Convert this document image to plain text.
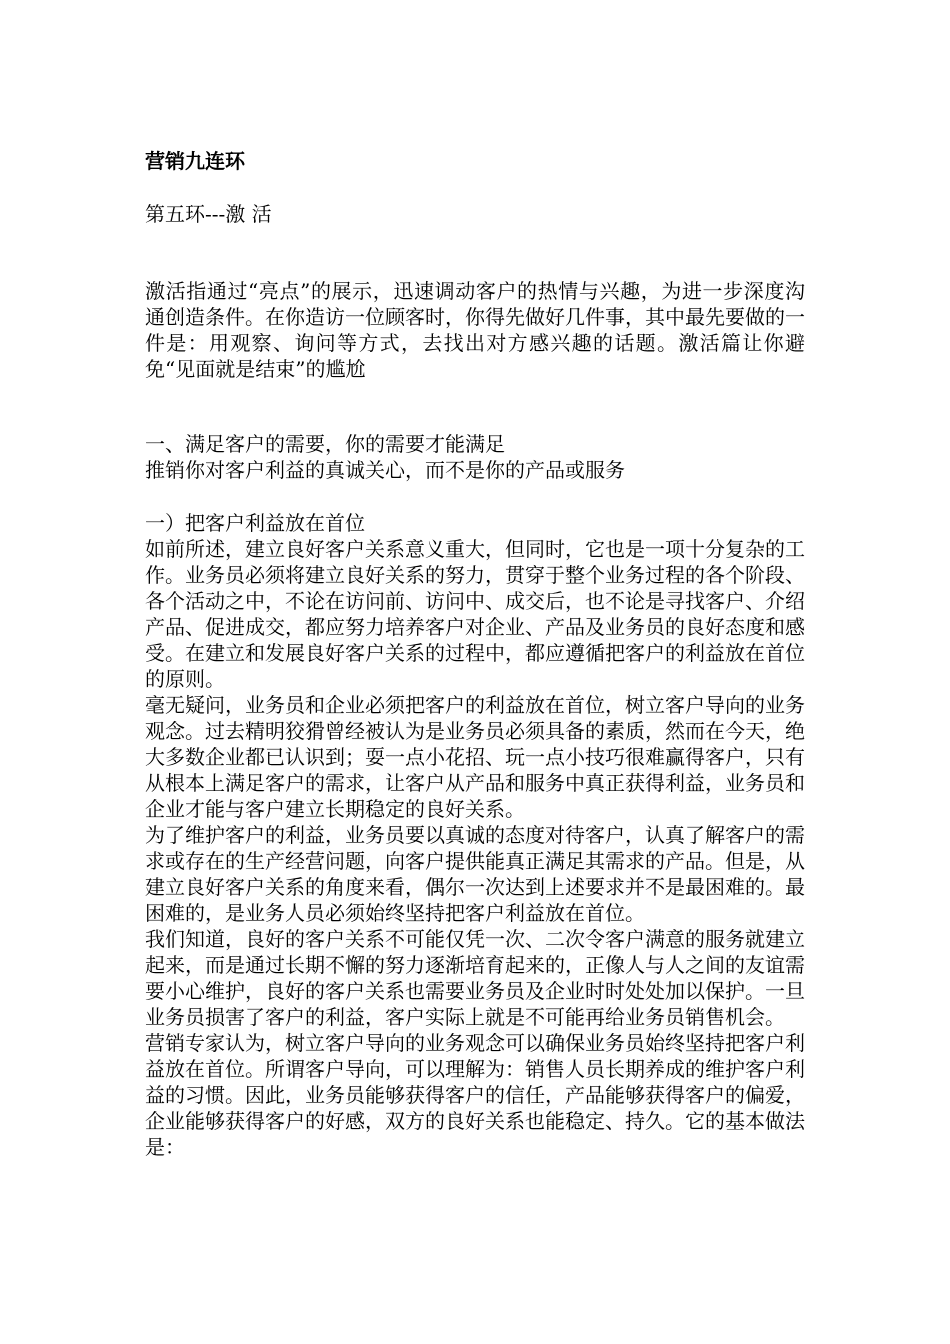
营销九连环
第五环---激 活

激活指通过“亮点”的展示，迅速调动客户的热情与兴趣，为进一步深度沟通创造条件。在你造访一位顾客时，你得先做好几件事，其中最先要做的一件是：用观察、询问等方式，去找出对方感兴趣的话题。激活篇让你避免“见面就是结束”的尴尬

一、满足客户的需要，你的需要才能满足

推销你对客户利益的真诚关心，而不是你的产品或服务

一）把客户利益放在首位

如前所述，建立良好客户关系意义重大，但同时，它也是一项十分复杂的工作。业务员必须将建立良好关系的努力，贯穿于整个业务过程的各个阶段、各个活动之中，不论在访问前、访问中、成交后，也不论是寻找客户、介绍产品、促进成交，都应努力培养客户对企业、产品及业务员的良好态度和感受。在建立和发展良好客户关系的过程中，都应遵循把客户的利益放在首位的原则。

毫无疑问，业务员和企业必须把客户的利益放在首位，树立客户导向的业务观念。过去精明狡猾曾经被认为是业务员必须具备的素质，然而在今天，绝大多数企业都已认识到；耍一点小花招、玩一点小技巧很难赢得客户，只有从根本上满足客户的需求，让客户从产品和服务中真正获得利益，业务员和企业才能与客户建立长期稳定的良好关系。

为了维护客户的利益，业务员要以真诚的态度对待客户，认真了解客户的需求或存在的生产经营问题，向客户提供能真正满足其需求的产品。但是，从建立良好客户关系的角度来看，偶尔一次达到上述要求并不是最困难的。最困难的，是业务人员必须始终坚持把客户利益放在首位。

我们知道，良好的客户关系不可能仅凭一次、二次令客户满意的服务就建立起来，而是通过长期不懈的努力逐渐培育起来的，正像人与人之间的友谊需要小心维护，良好的客户关系也需要业务员及企业时时处处加以保护。一旦业务员损害了客户的利益，客户实际上就是不可能再给业务员销售机会。

营销专家认为，树立客户导向的业务观念可以确保业务员始终坚持把客户利益放在首位。所谓客户导向，可以理解为：销售人员长期养成的维护客户利益的习惯。因此，业务员能够获得客户的信任，产品能够获得客户的偏爱，企业能够获得客户的好感，双方的良好关系也能稳定、持久。它的基本做法是：
